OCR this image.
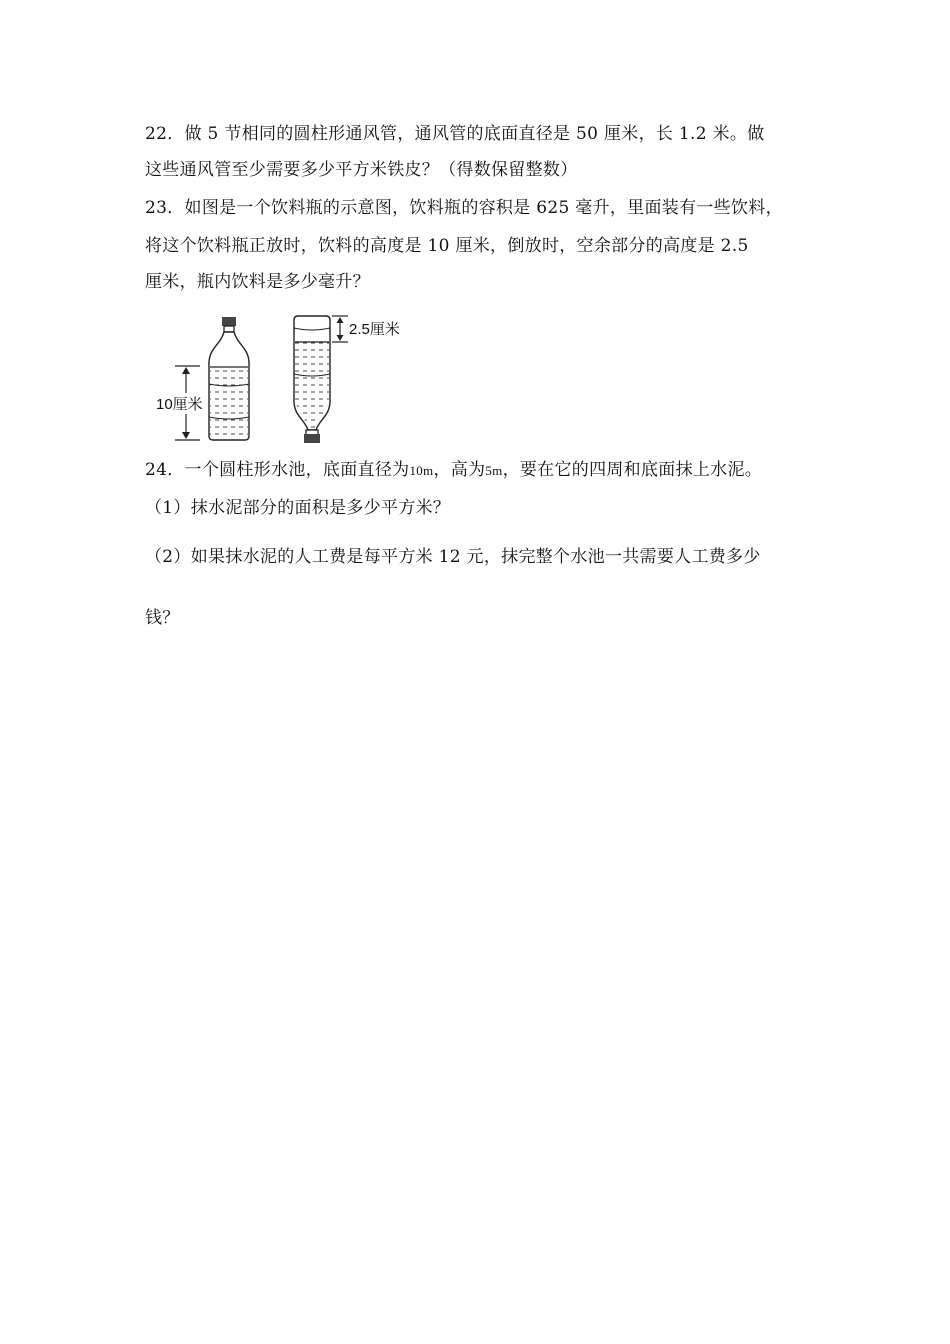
22．做 5 节相同的圆柱形通风管，通风管的底面直径是 50 厘米，长 1.2 米。做
这些通风管至少需要多少平方米铁皮？（得数保留整数）
23．如图是一个饮料瓶的示意图，饮料瓶的容积是 625 毫升，里面装有一些饮料，
将这个饮料瓶正放时，饮料的高度是 10 厘米，倒放时，空余部分的高度是 2.5
厘米，瓶内饮料是多少毫升？
10厘米
2.5厘米
24．一个圆柱形水池，底面直径为10m，高为5m，要在它的四周和底面抹上水泥。
（1）抹水泥部分的面积是多少平方米？
（2）如果抹水泥的人工费是每平方米 12 元，抹完整个水池一共需要人工费多少
钱？
